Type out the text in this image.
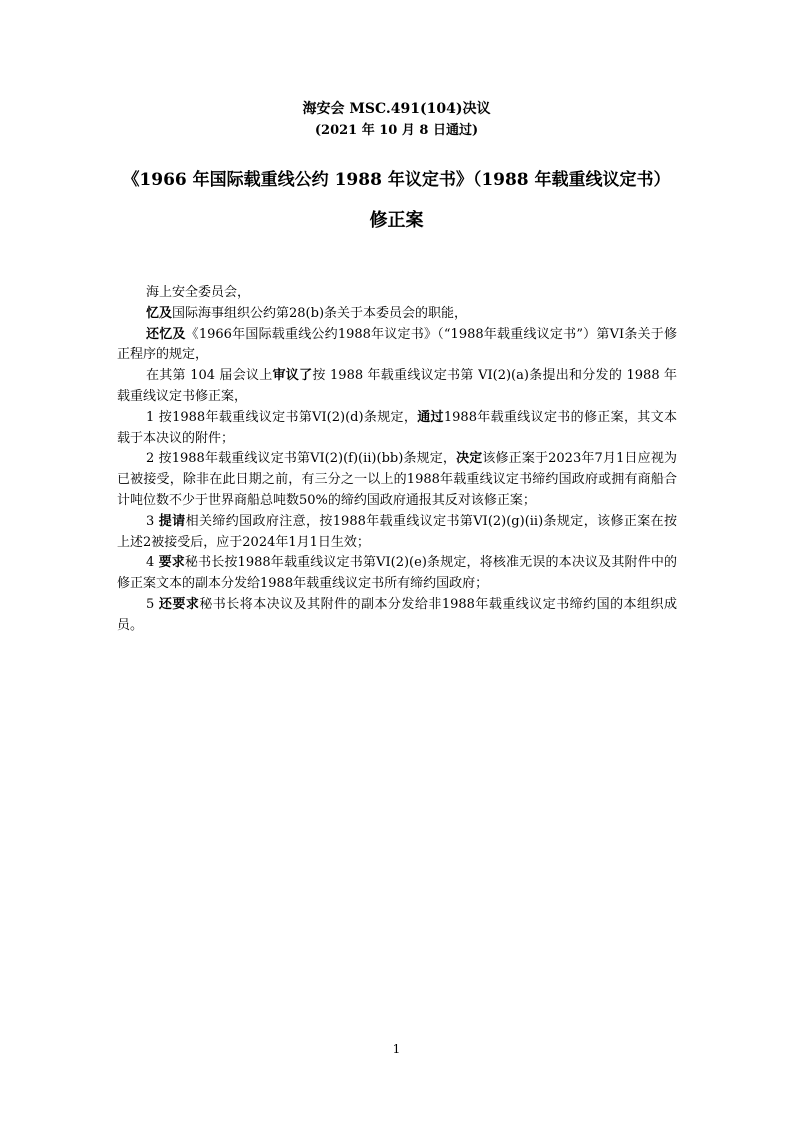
海安会 MSC.491(104)决议
(2021 年 10 月 8 日通过)
《1966 年国际载重线公约 1988 年议定书》（1988 年载重线议定书）
修正案

海上安全委员会，

忆及国际海事组织公约第28(b)条关于本委员会的职能，

还忆及《1966年国际载重线公约1988年议定书》（“1988年载重线议定书”）第VI条关于修正程序的规定，

在其第 104 届会议上审议了按 1988 年载重线议定书第 VI(2)(a)条提出和分发的 1988 年载重线议定书修正案，

1 按1988年载重线议定书第VI(2)(d)条规定，通过1988年载重线议定书的修正案，其文本载于本决议的附件；

2 按1988年载重线议定书第VI(2)(f)(ii)(bb)条规定，决定该修正案于2023年7月1日应视为已被接受，除非在此日期之前，有三分之一以上的1988年载重线议定书缔约国政府或拥有商船合计吨位数不少于世界商船总吨数50%的缔约国政府通报其反对该修正案；

3 提请相关缔约国政府注意，按1988年载重线议定书第VI(2)(g)(ii)条规定，该修正案在按上述2被接受后，应于2024年1月1日生效；

4 要求秘书长按1988年载重线议定书第VI(2)(e)条规定，将核准无误的本决议及其附件中的修正案文本的副本分发给1988年载重线议定书所有缔约国政府；

5 还要求秘书长将本决议及其附件的副本分发给非1988年载重线议定书缔约国的本组织成员。

1
